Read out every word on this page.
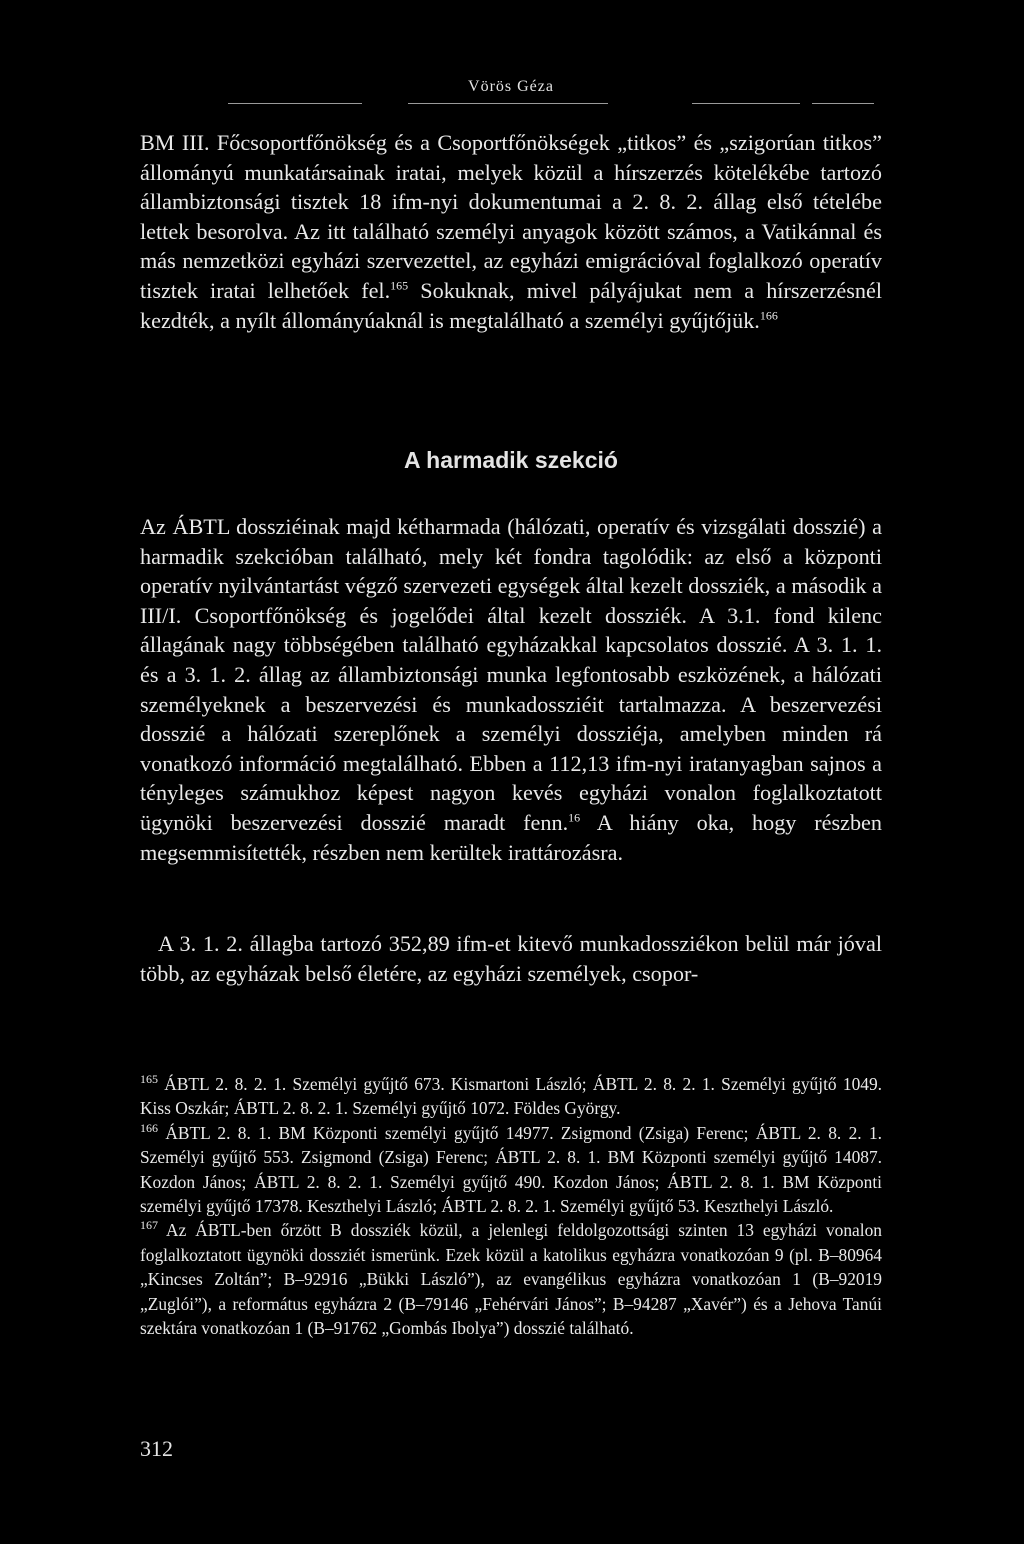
Vörös Géza

BM III. Főcsoportfőnökség és a Csoportfőnökségek „titkos” és „szigorúan titkos” állományú munkatársainak iratai, melyek közül a hírszerzés kötelékébe tartozó állambiztonsági tisztek 18 ifm-nyi dokumentumai a 2. 8. 2. állag első tételébe lettek besorolva. Az itt található személyi anyagok között számos, a Vatikánnal és más nemzetközi egyházi szervezettel, az egyházi emigrációval foglalkozó operatív tisztek iratai lelhetőek fel.$^{165}$ Sokuknak, mivel pályájukat nem a hírszerzésnél kezdték, a nyílt állományúaknál is megtalálható a személyi gyűjtőjük.$^{166}$

A harmadik szekció

Az ÁBTL dossziéinak majd kétharmada (hálózati, operatív és vizsgálati dosszié) a harmadik szekcióban található, mely két fondra tagolódik: az első a központi operatív nyilvántartást végző szervezeti egységek által kezelt dossziék, a második a III/I. Csoportfőnökség és jogelődei által kezelt dossziék. A 3.1. fond kilenc állagának nagy többségében található egyházakkal kapcsolatos dosszié. A 3. 1. 1. és a 3. 1. 2. állag az állambiztonsági munka legfontosabb eszközének, a hálózati személyeknek a beszervezési és munkadossziéit tartalmazza. A beszervezési dosszié a hálózati szereplőnek a személyi dossziéja, amelyben minden rá vonatkozó információ megtalálható. Ebben a 112,13 ifm-nyi iratanyagban sajnos a tényleges számukhoz képest nagyon kevés egyházi vonalon foglalkoztatott ügynöki beszervezési dosszié maradt fenn.$^{16}$ A hiány oka, hogy részben megsemmisítették, részben nem kerültek irattározásra.

A 3. 1. 2. állagba tartozó 352,89 ifm-et kitevő munkadossziékon belül már jóval több, az egyházak belső életére, az egyházi személyek, csopor-

$^{165}$ ÁBTL 2. 8. 2. 1. Személyi gyűjtő 673. Kismartoni László; ÁBTL 2. 8. 2. 1. Személyi gyűjtő 1049. Kiss Oszkár; ÁBTL 2. 8. 2. 1. Személyi gyűjtő 1072. Földes György.

$^{166}$ ÁBTL 2. 8. 1. BM Központi személyi gyűjtő 14977. Zsigmond (Zsiga) Ferenc; ÁBTL 2. 8. 2. 1. Személyi gyűjtő 553. Zsigmond (Zsiga) Ferenc; ÁBTL 2. 8. 1. BM Központi személyi gyűjtő 14087. Kozdon János; ÁBTL 2. 8. 2. 1. Személyi gyűjtő 490. Kozdon János; ÁBTL 2. 8. 1. BM Központi személyi gyűjtő 17378. Keszthelyi László; ÁBTL 2. 8. 2. 1. Személyi gyűjtő 53. Keszthelyi László.

$^{167}$ Az ÁBTL-ben őrzött B dossziék közül, a jelenlegi feldolgozottsági szinten 13 egyházi vonalon foglalkoztatott ügynöki dossziét ismerünk. Ezek közül a katolikus egyházra vonatkozóan 9 (pl. B–80964 „Kincses Zoltán”; B–92916 „Bükki László”), az evangélikus egyházra vonatkozóan 1 (B–92019 „Zuglói”), a református egyházra 2 (B–79146 „Fehérvári János”; B–94287 „Xavér”) és a Jehova Tanúi szektára vonatkozóan 1 (B–91762 „Gombás Ibolya”) dosszié található.

312
